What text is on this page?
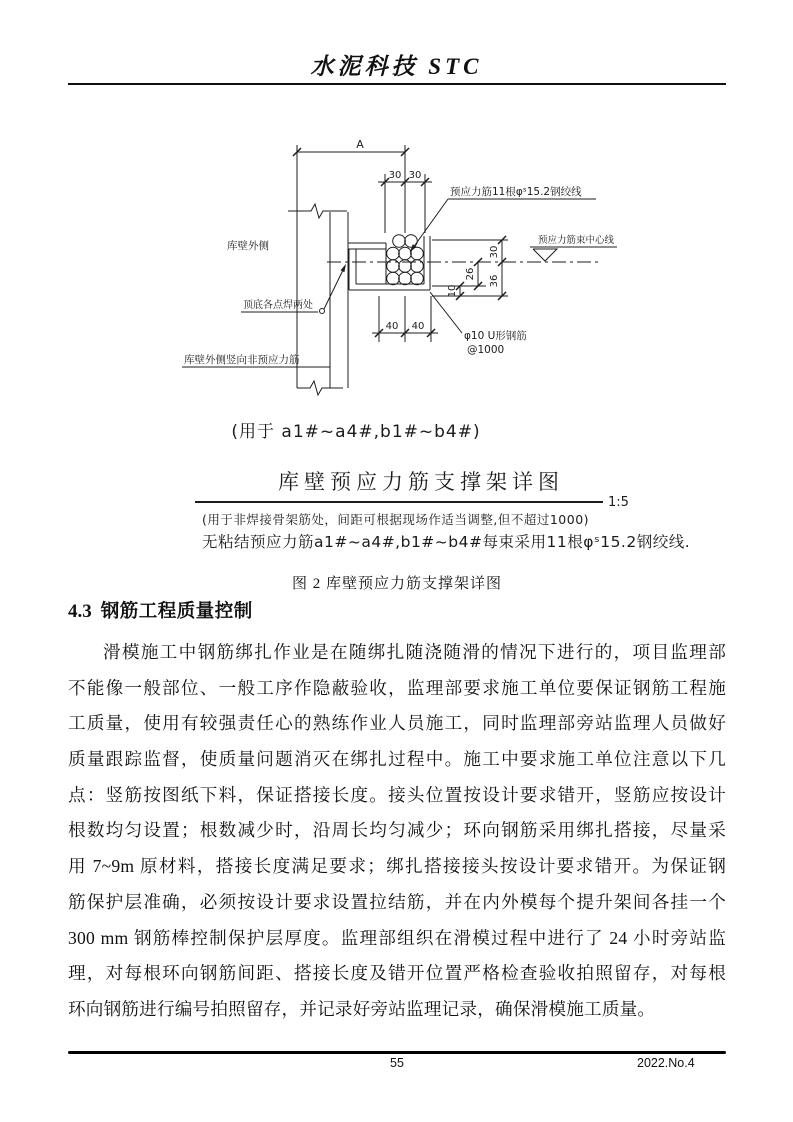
水泥科技 STC
预应力筋束中心线
A
30 30
40 40
30
36
26
10
预应力筋11根φˢ15.2钢绞线
顶底各点焊两处
库壁外侧
库壁外侧竖向非预应力筋
φ10 U形钢筋
@1000
(用于 a1#~a4#,b1#~b4#)
库壁预应力筋支撑架详图
1:5
(用于非焊接骨架筋处，间距可根据现场作适当调整,但不超过1000)
无粘结预应力筋a1#~a4#,b1#~b4#每束采用11根φˢ15.2钢绞线.
图 2 库壁预应力筋支撑架详图
4.3 钢筋工程质量控制
滑模施工中钢筋绑扎作业是在随绑扎随浇随滑的情况下进行的，项目监理部
不能像一般部位、一般工序作隐蔽验收，监理部要求施工单位要保证钢筋工程施
工质量，使用有较强责任心的熟练作业人员施工，同时监理部旁站监理人员做好
质量跟踪监督，使质量问题消灭在绑扎过程中。施工中要求施工单位注意以下几
点：竖筋按图纸下料，保证搭接长度。接头位置按设计要求错开，竖筋应按设计
根数均匀设置；根数减少时，沿周长均匀减少；环向钢筋采用绑扎搭接，尽量采
用 7~9m 原材料，搭接长度满足要求；绑扎搭接接头按设计要求错开。为保证钢
筋保护层准确，必须按设计要求设置拉结筋，并在内外模每个提升架间各挂一个
300 mm 钢筋棒控制保护层厚度。监理部组织在滑模过程中进行了 24 小时旁站监
理，对每根环向钢筋间距、搭接长度及错开位置严格检查验收拍照留存，对每根
环向钢筋进行编号拍照留存，并记录好旁站监理记录，确保滑模施工质量。
55	2022.No.4
